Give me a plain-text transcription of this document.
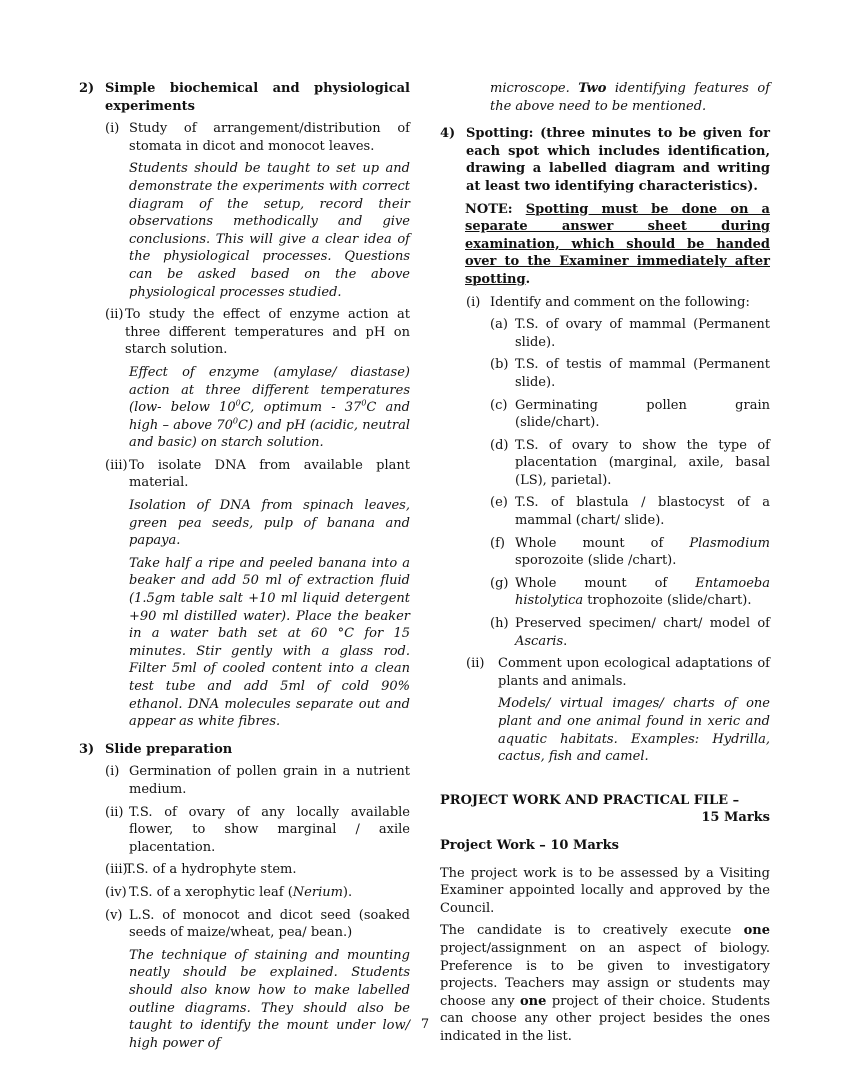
2) Simple biochemical and physiological experiments
(i) Study of arrangement/distribution of stomata in dicot and monocot leaves.

Students should be taught to set up and demonstrate the experiments with correct diagram of the setup, record their observations methodically and give conclusions. This will give a clear idea of the physiological processes. Questions can be asked based on the above physiological processes studied.

(ii) To study the effect of enzyme action at three different temperatures and pH on starch solution.

Effect of enzyme (amylase/ diastase) action at three different temperatures (low- below $10^0C$, optimum - $37^0C$ and high – above $70^0C$) and pH (acidic, neutral and basic) on starch solution.

(iii) To isolate DNA from available plant material.

Isolation of DNA from spinach leaves, green pea seeds, pulp of banana and papaya.

Take half a ripe and peeled banana into a beaker and add 50 ml of extraction fluid (1.5gm table salt +10 ml liquid detergent +90 ml distilled water). Place the beaker in a water bath set at 60 °C for 15 minutes. Stir gently with a glass rod. Filter 5ml of cooled content into a clean test tube and add 5ml of cold 90% ethanol. DNA molecules separate out and appear as white fibres.

3) Slide preparation
(i) Germination of pollen grain in a nutrient medium.
(ii) T.S. of ovary of any locally available flower, to show marginal / axile placentation.
(iii)
T.S. of a hydrophyte stem.
(iv) T.S. of a xerophytic leaf (Nerium).
(v) L.S. of monocot and dicot seed (soaked seeds of maize/wheat, pea/ bean.)

The technique of staining and mounting neatly should be explained. Students should also know how to make labelled outline diagrams. They should also be taught to identify the mount under low/ high power of

microscope. Two identifying features of the above need to be mentioned.

4) Spotting: (three minutes to be given for each spot which includes identification, drawing a labelled diagram and writing at least two identifying characteristics).

NOTE: Spotting must be done on a separate answer sheet during examination, which should be handed over to the Examiner immediately after spotting.

(i) Identify and comment on the following:
(a) T.S. of ovary of mammal (Permanent slide).
(b) T.S. of testis of mammal (Permanent slide).
(c) Germinating pollen grain (slide/chart).
(d) T.S. of ovary to show the type of placentation (marginal, axile, basal (LS), parietal).
(e) T.S. of blastula / blastocyst of a mammal (chart/ slide).
(f) Whole mount of Plasmodium sporozoite (slide /chart).
(g) Whole mount of Entamoeba histolytica trophozoite (slide/chart).
(h) Preserved specimen/ chart/ model of Ascaris.
(ii) Comment upon ecological adaptations of plants and animals.

Models/ virtual images/ charts of one plant and one animal found in xeric and aquatic habitats. Examples: Hydrilla, cactus, fish and camel.

PROJECT WORK AND PRACTICAL FILE –

15 Marks

Project Work – 10 Marks

The project work is to be assessed by a Visiting Examiner appointed locally and approved by the Council.

The candidate is to creatively execute one project/assignment on an aspect of biology. Preference is to be given to investigatory projects. Teachers may assign or students may choose any one project of their choice. Students can choose any other project besides the ones indicated in the list.

7
